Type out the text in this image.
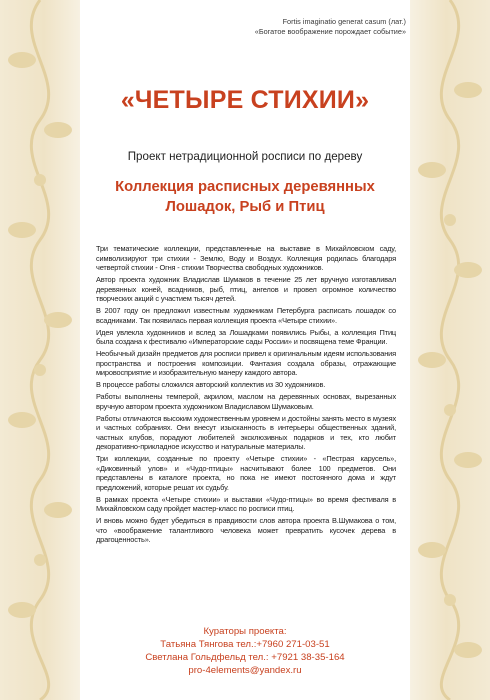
Fortis imaginatio generat casum (лат.)
«Богатое воображение порождает событие»
«ЧЕТЫРЕ СТИХИИ»
Проект нетрадиционной росписи по дереву
Коллекция расписных деревянных
Лошадок, Рыб и Птиц

Три тематические коллекции, представленные на выставке в Михайловском саду, символизируют три стихии - Землю, Воду и Воздух. Коллекция родилась благодаря четвертой стихии - Огня - стихии Творчества свободных художников.

Автор проекта художник Владислав Шумаков в течение 25 лет вручную изготавливал деревянных коней, всадников, рыб, птиц, ангелов и провел огромное количество творческих акций с участием тысяч детей.

В 2007 году он предложил известным художникам Петербурга расписать лошадок со всадниками. Так появилась первая коллекция проекта «Четыре стихии».

Идея увлекла художников и вслед за Лошадками появились Рыбы, а коллекция Птиц была создана к фестивалю «Императорские сады России» и посвящена теме Франции.

Необычный дизайн предметов для росписи привел к оригинальным идеям использования пространства и построения композиции. Фантазия создала образы, отражающие мировосприятие и изобразительную манеру каждого автора.

В процессе работы сложился авторский коллектив из 30 художников.

Работы выполнены темперой, акрилом, маслом на деревянных основах, вырезанных вручную автором проекта художником Владиславом Шумаковым.

Работы отличаются высоким художественным уровнем и достойны занять место в музеях и частных собраниях. Они внесут изысканность в интерьеры общественных зданий, частных клубов, порадуют любителей эксклюзивных подарков и тех, кто любит декоративно-прикладное искусство и натуральные материалы.

Три коллекции, созданные по проекту «Четыре стихии» - «Пестрая карусель», «Диковинный улов» и «Чудо-птицы» насчитывают более 100 предметов. Они представлены в каталоге проекта, но пока не имеют постоянного дома и ждут предложений, которые решат их судьбу.

В рамках проекта «Четыре стихии» и выставки «Чудо-птицы» во время фестиваля в Михайловском саду пройдет мастер-класс по росписи птиц.

И вновь можно будет убедиться в правдивости слов автора проекта В.Шумакова о том, что «воображение талантливого человека может превратить кусочек дерева в драгоценность».

Кураторы проекта:
Татьяна Тянгова тел.:+7960 271-03-51
Светлана Гольдфельд тел.: +7921 38-35-164
pro-4elements@yandex.ru
